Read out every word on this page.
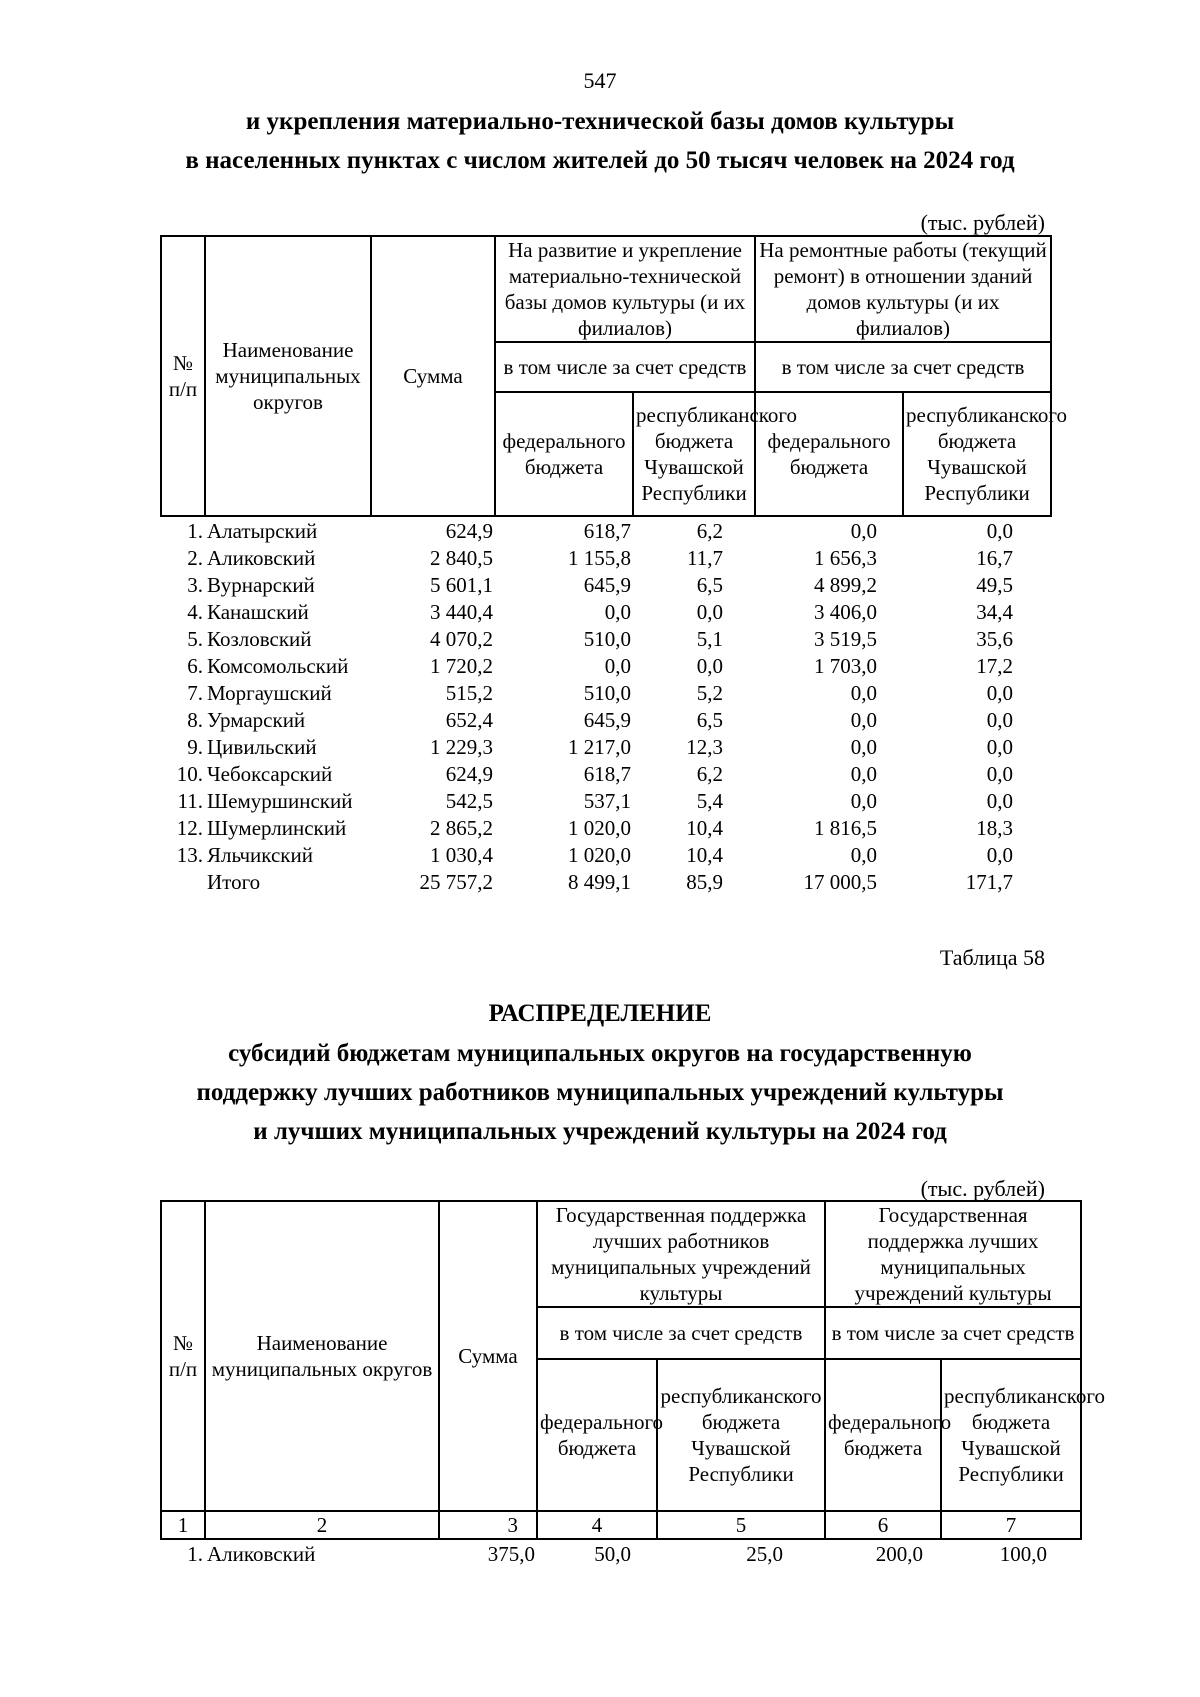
547
и укрепления материально-технической базы домов культуры
в населенных пунктах с числом жителей до 50 тысяч человек на 2024 год
(тыс. рублей)
№ п/п	Наименование муниципальных округов	Сумма	На развитие и укрепление материально-технической базы домов культуры (и их филиалов)		На ремонтные работы (текущий ремонт) в отношении зданий домов культуры (и их филиалов)	
			в том числе за счет средств		в том числе за счет средств	
			федерального бюджета	республиканского бюджета Чувашской Республики	федерального бюджета	республиканского бюджета Чувашской Республики
1.	Алатырский	624,9	618,7	6,2	0,0	0,0
2.	Аликовский	2 840,5	1 155,8	11,7	1 656,3	16,7
3.	Вурнарский	5 601,1	645,9	6,5	4 899,2	49,5
4.	Канашский	3 440,4	0,0	0,0	3 406,0	34,4
5.	Козловский	4 070,2	510,0	5,1	3 519,5	35,6
6.	Комсомольский	1 720,2	0,0	0,0	1 703,0	17,2
7.	Моргаушский	515,2	510,0	5,2	0,0	0,0
8.	Урмарский	652,4	645,9	6,5	0,0	0,0
9.	Цивильский	1 229,3	1 217,0	12,3	0,0	0,0
10.	Чебоксарский	624,9	618,7	6,2	0,0	0,0
11.	Шемуршинский	542,5	537,1	5,4	0,0	0,0
12.	Шумерлинский	2 865,2	1 020,0	10,4	1 816,5	18,3
13.	Яльчикский	1 030,4	1 020,0	10,4	0,0	0,0
	Итого	25 757,2	8 499,1	85,9	17 000,5	171,7
Таблица 58
РАСПРЕДЕЛЕНИЕ
субсидий бюджетам муниципальных округов на государственную
поддержку лучших работников муниципальных учреждений культуры
и лучших муниципальных учреждений культуры на 2024 год
(тыс. рублей)
№ п/п	Наименование муниципальных округов	Сумма	Государственная поддержка лучших работников муниципальных учреждений культуры		Государственная поддержка лучших муниципальных учреждений культуры	
			в том числе за счет средств		в том числе за счет средств	
			федерального бюджета	республиканского бюджета Чувашской Республики	федерального бюджета	республиканского бюджета Чувашской Республики
1	2	3	4	5	6	7
1.	Аликовский	375,0	50,0	25,0	200,0	100,0
